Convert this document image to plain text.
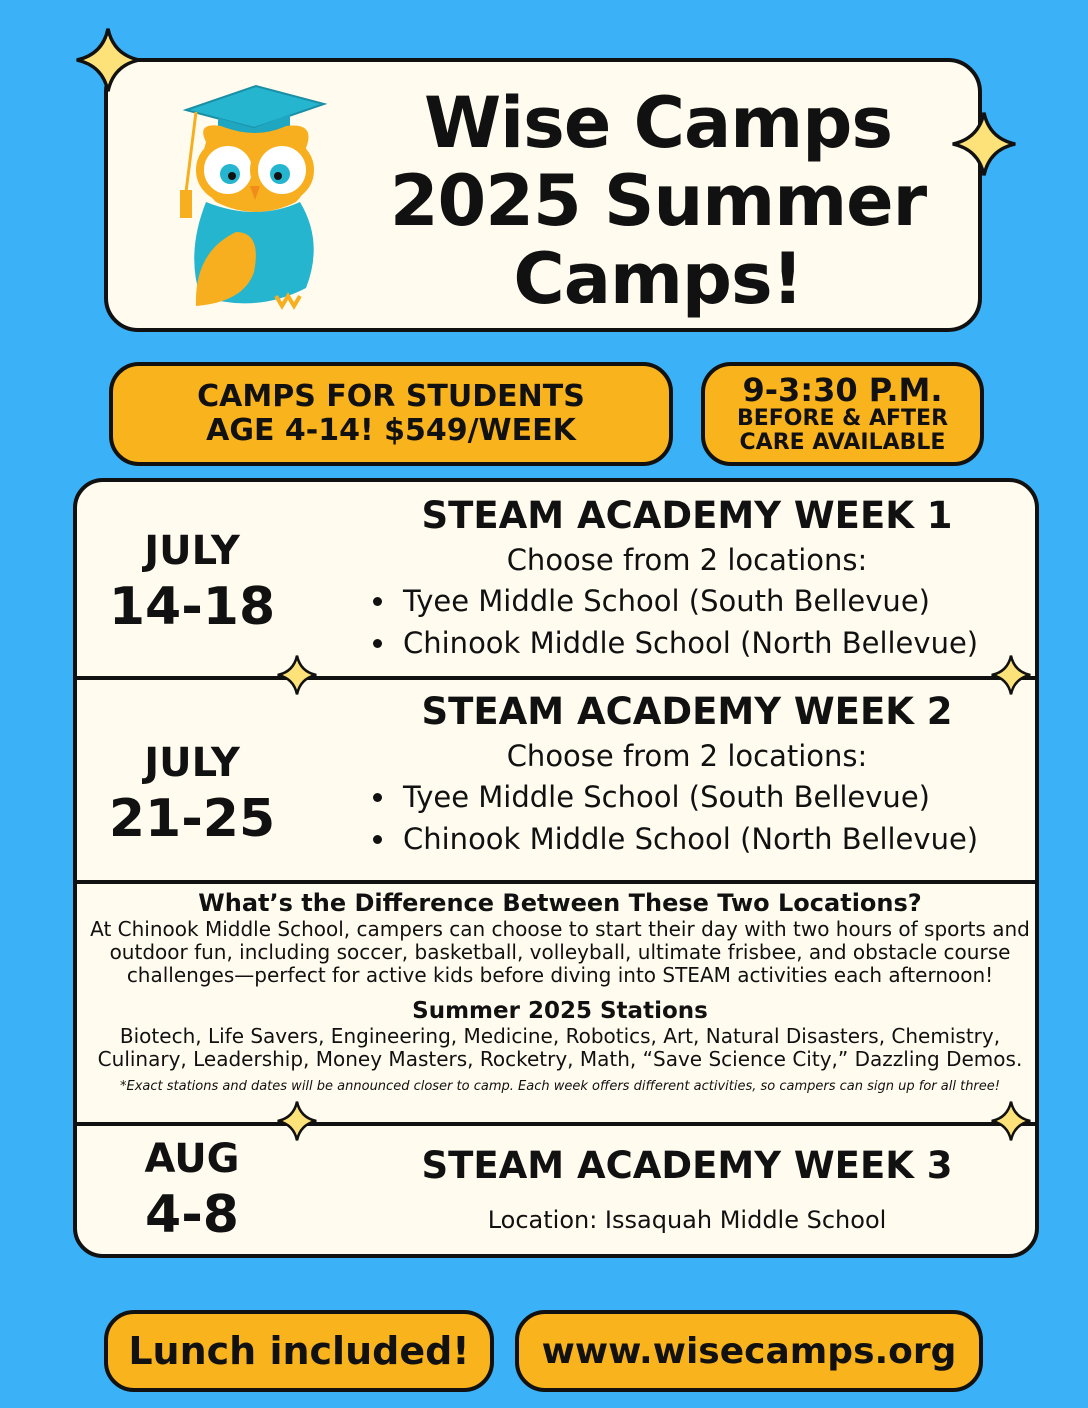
Wise Camps
2025 Summer
Camps!
CAMPS FOR STUDENTS
AGE 4-14! $549/WEEK
9-3:30 P.M.
BEFORE & AFTER
CARE AVAILABLE
JULY
14-18
STEAM ACADEMY WEEK 1
Choose from 2 locations:
Tyee Middle School (South Bellevue)
Chinook Middle School (North Bellevue)
JULY
21-25
STEAM ACADEMY WEEK 2
Choose from 2 locations:
Tyee Middle School (South Bellevue)
Chinook Middle School (North Bellevue)
What’s the Difference Between These Two Locations?
At Chinook Middle School, campers can choose to start their day with two hours of sports and outdoor fun, including soccer, basketball, volleyball, ultimate frisbee, and obstacle course challenges—perfect for active kids before diving into STEAM activities each afternoon!
Summer 2025 Stations
Biotech, Life Savers, Engineering, Medicine, Robotics, Art, Natural Disasters, Chemistry, Culinary, Leadership, Money Masters, Rocketry, Math, “Save Science City,” Dazzling Demos.
*Exact stations and dates will be announced closer to camp. Each week offers different activities, so campers can sign up for all three!
AUG
4-8
STEAM ACADEMY WEEK 3
Location: Issaquah Middle School
Lunch included! www.wisecamps.org
